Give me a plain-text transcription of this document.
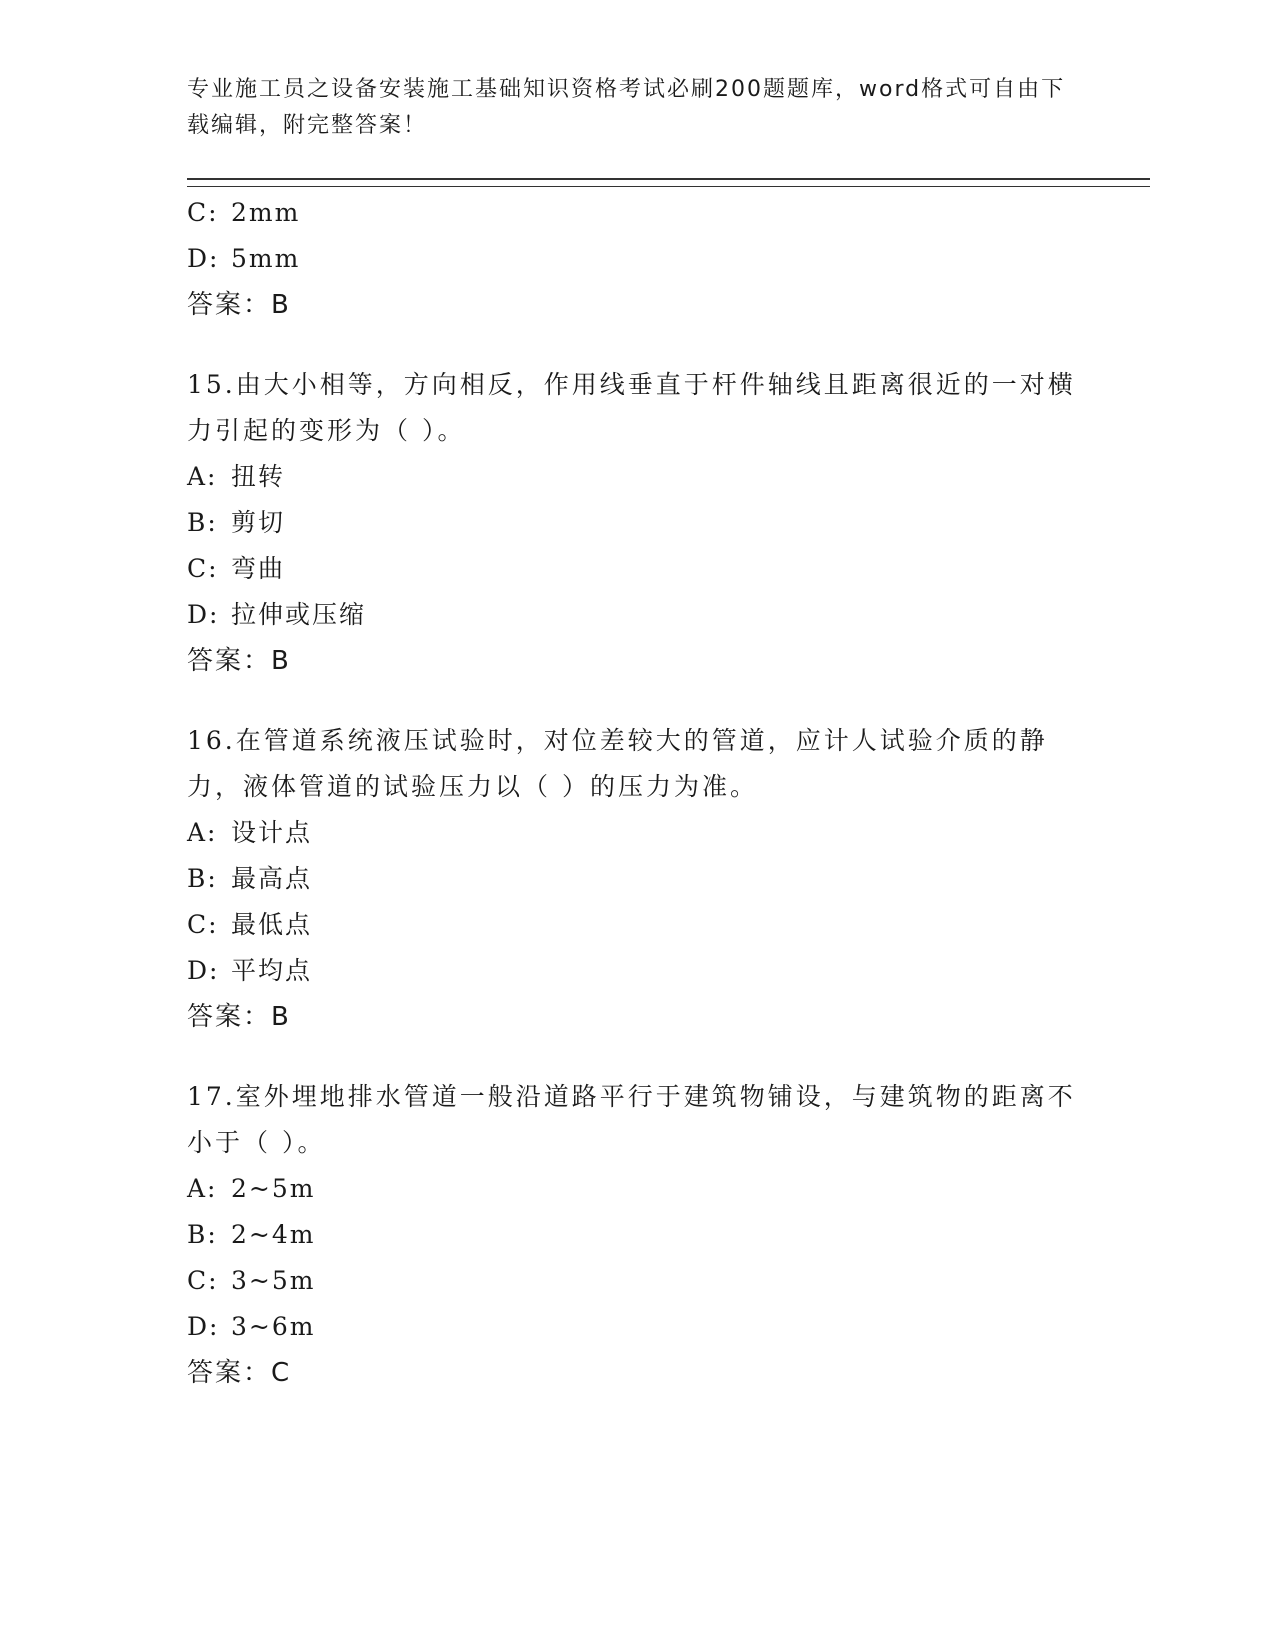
专业施工员之设备安装施工基础知识资格考试必刷200题题库，word格式可自由下载编辑，附完整答案！
C: 2mm
D: 5mm
答案：B
15.由大小相等，方向相反，作用线垂直于杆件轴线且距离很近的一对横力引起的变形为（ ）。
A: 扭转
B: 剪切
C: 弯曲
D: 拉伸或压缩
答案：B
16.在管道系统液压试验时，对位差较大的管道，应计人试验介质的静力，液体管道的试验压力以（ ）的压力为准。
A: 设计点
B: 最高点
C: 最低点
D: 平均点
答案：B
17.室外埋地排水管道一般沿道路平行于建筑物铺设，与建筑物的距离不小于（ ）。
A: 2~5m
B: 2~4m
C: 3~5m
D: 3~6m
答案：C
